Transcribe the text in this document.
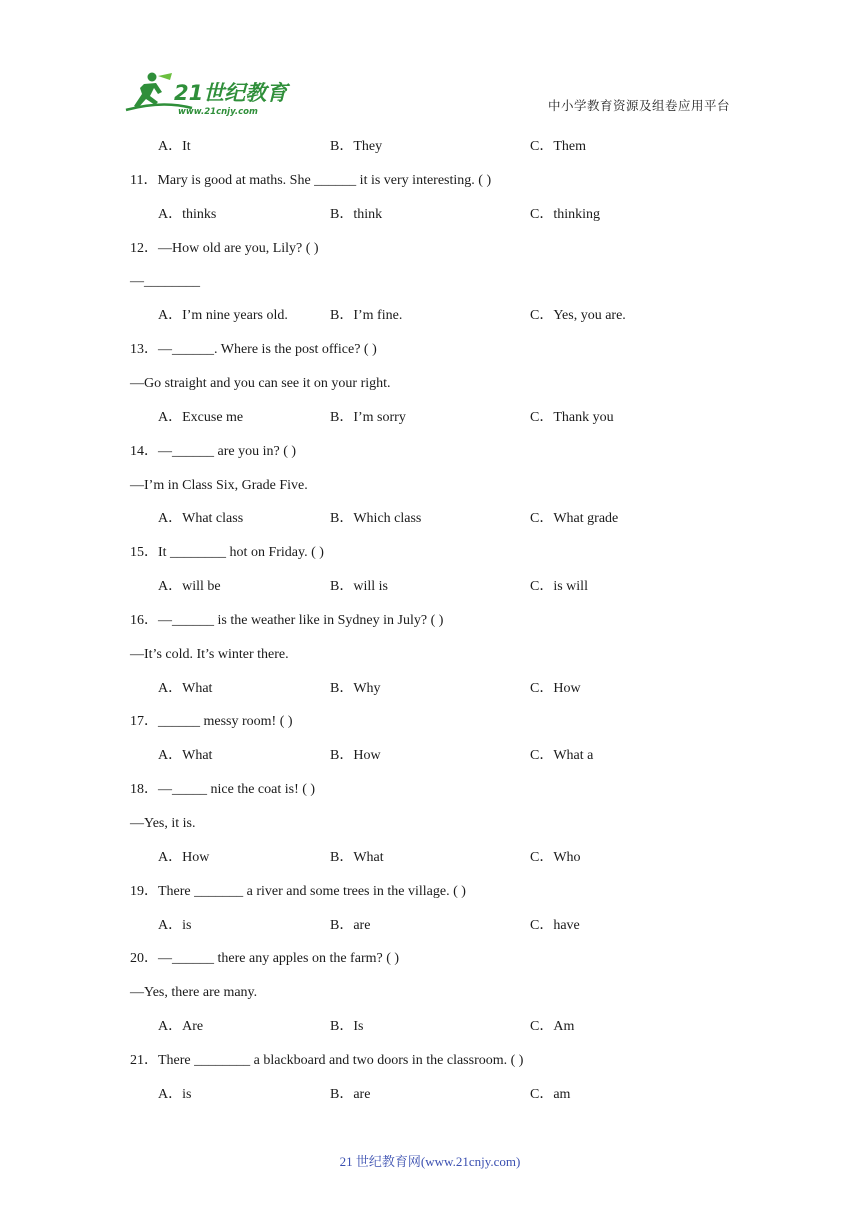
21世纪教育
www.21cnjy.com	中小学教育资源及组卷应用平台
A．It	B．They	C．Them
11．Mary is good at maths. She ______ it is very interesting. ( )
A．thinks	B．think	C．thinking
12．—How old are you, Lily? ( )
—________
A．I’m nine years old.	B．I’m fine.	C．Yes, you are.
13．—______. Where is the post office? ( )
—Go straight and you can see it on your right.
A．Excuse me	B．I’m sorry	C．Thank you
14．—______ are you in? ( )
—I’m in Class Six, Grade Five.
A．What class	B．Which class	C．What grade
15．It ________ hot on Friday. ( )
A．will be	B．will is	C．is will
16．—______ is the weather like in Sydney in July? ( )
—It’s cold. It’s winter there.
A．What	B．Why	C．How
17．______ messy room! ( )
A．What	B．How	C．What a
18．—_____ nice the coat is! ( )
—Yes, it is.
A．How	B．What	C．Who
19．There _______ a river and some trees in the village. ( )
A．is	B．are	C．have
20．—______ there any apples on the farm? ( )
—Yes, there are many.
A．Are	B．Is	C．Am
21．There ________ a blackboard and two doors in the classroom. ( )
A．is	B．are	C．am
21 世纪教育网(www.21cnjy.com)
